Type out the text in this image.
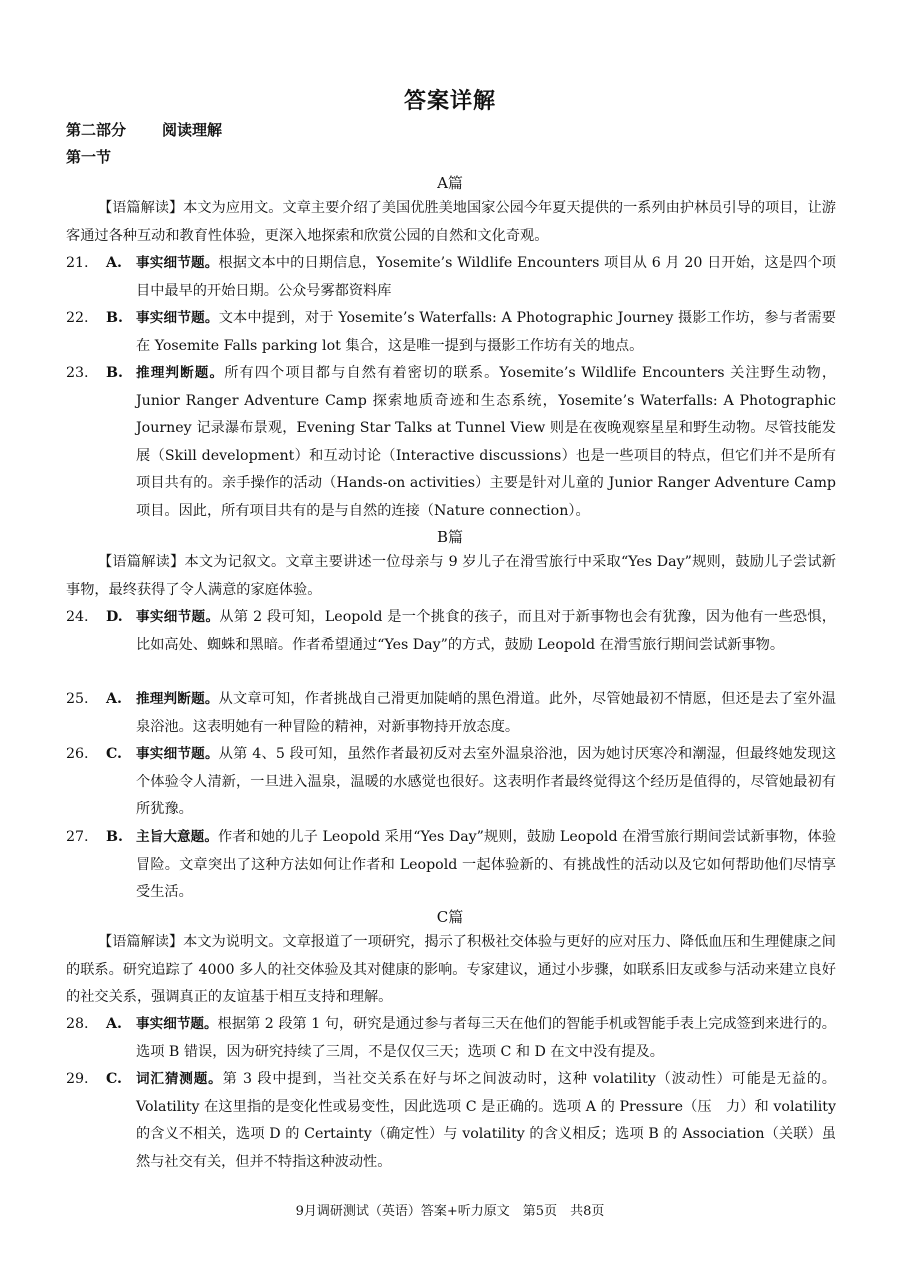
答案详解
第二部分 阅读理解
第一节
A篇
【语篇解读】本文为应用文。文章主要介绍了美国优胜美地国家公园今年夏天提供的一系列由护林员引导的项目，让游客通过各种互动和教育性体验，更深入地探索和欣赏公园的自然和文化奇观。
21.	A.	事实细节题。根据文本中的日期信息，Yosemite’s Wildlife Encounters 项目从 6 月 20 日开始，这是四个项目中最早的开始日期。公众号雾都资料库
22.	B. 事实细节题。文本中提到，对于 Yosemite’s Waterfalls: A Photographic Journey 摄影工作坊，参与者需要在 Yosemite Falls parking lot 集合，这是唯一提到与摄影工作坊有关的地点。
23.	B. 推理判断题。所有四个项目都与自然有着密切的联系。Yosemite’s Wildlife Encounters 关注野生动物，Junior Ranger Adventure Camp 探索地质奇迹和生态系统，Yosemite’s Waterfalls: A Photographic Journey 记录瀑布景观，Evening Star Talks at Tunnel View 则是在夜晚观察星星和野生动物。尽管技能发展（Skill development）和互动讨论（Interactive discussions）也是一些项目的特点，但它们并不是所有项目共有的。亲手操作的活动（Hands-on activities）主要是针对儿童的 Junior Ranger Adventure Camp 项目。因此，所有项目共有的是与自然的连接（Nature connection）。
B篇
【语篇解读】本文为记叙文。文章主要讲述一位母亲与 9 岁儿子在滑雪旅行中采取“Yes Day”规则，鼓励儿子尝试新事物，最终获得了令人满意的家庭体验。
24.	D. 事实细节题。从第 2 段可知，Leopold 是一个挑食的孩子，而且对于新事物也会有犹豫，因为他有一些恐惧，比如高处、蜘蛛和黑暗。作者希望通过“Yes Day”的方式，鼓励 Leopold 在滑雪旅行期间尝试新事物。
25.	A.	推理判断题。从文章可知，作者挑战自己滑更加陡峭的黑色滑道。此外，尽管她最初不情愿，但还是去了室外温泉浴池。这表明她有一种冒险的精神，对新事物持开放态度。
26.	C.	事实细节题。从第 4、5 段可知，虽然作者最初反对去室外温泉浴池，因为她讨厌寒冷和潮湿，但最终她发现这个体验令人清新，一旦进入温泉，温暖的水感觉也很好。这表明作者最终觉得这个经历是值得的，尽管她最初有所犹豫。
27.	B. 主旨大意题。作者和她的儿子 Leopold 采用“Yes Day”规则，鼓励 Leopold 在滑雪旅行期间尝试新事物，体验冒险。文章突出了这种方法如何让作者和 Leopold 一起体验新的、有挑战性的活动以及它如何帮助他们尽情享受生活。
C篇
【语篇解读】本文为说明文。文章报道了一项研究，揭示了积极社交体验与更好的应对压力、降低血压和生理健康之间的联系。研究追踪了 4000 多人的社交体验及其对健康的影响。专家建议，通过小步骤，如联系旧友或参与活动来建立良好的社交关系，强调真正的友谊基于相互支持和理解。
28.	A.	事实细节题。根据第 2 段第 1 句，研究是通过参与者每三天在他们的智能手机或智能手表上完成签到来进行的。选项 B 错误，因为研究持续了三周，不是仅仅三天；选项 C 和 D 在文中没有提及。
29.	C.	词汇猜测题。第 3 段中提到，当社交关系在好与坏之间波动时，这种 volatility（波动性）可能是无益的。Volatility 在这里指的是变化性或易变性，因此选项 C 是正确的。选项 A 的 Pressure（压　力）和 volatility 的含义不相关，选项 D 的 Certainty（确定性）与 volatility 的含义相反；选项 B 的 Association（关联）虽然与社交有关，但并不特指这种波动性。
9月调研测试（英语）答案+听力原文　第5页　共8页
